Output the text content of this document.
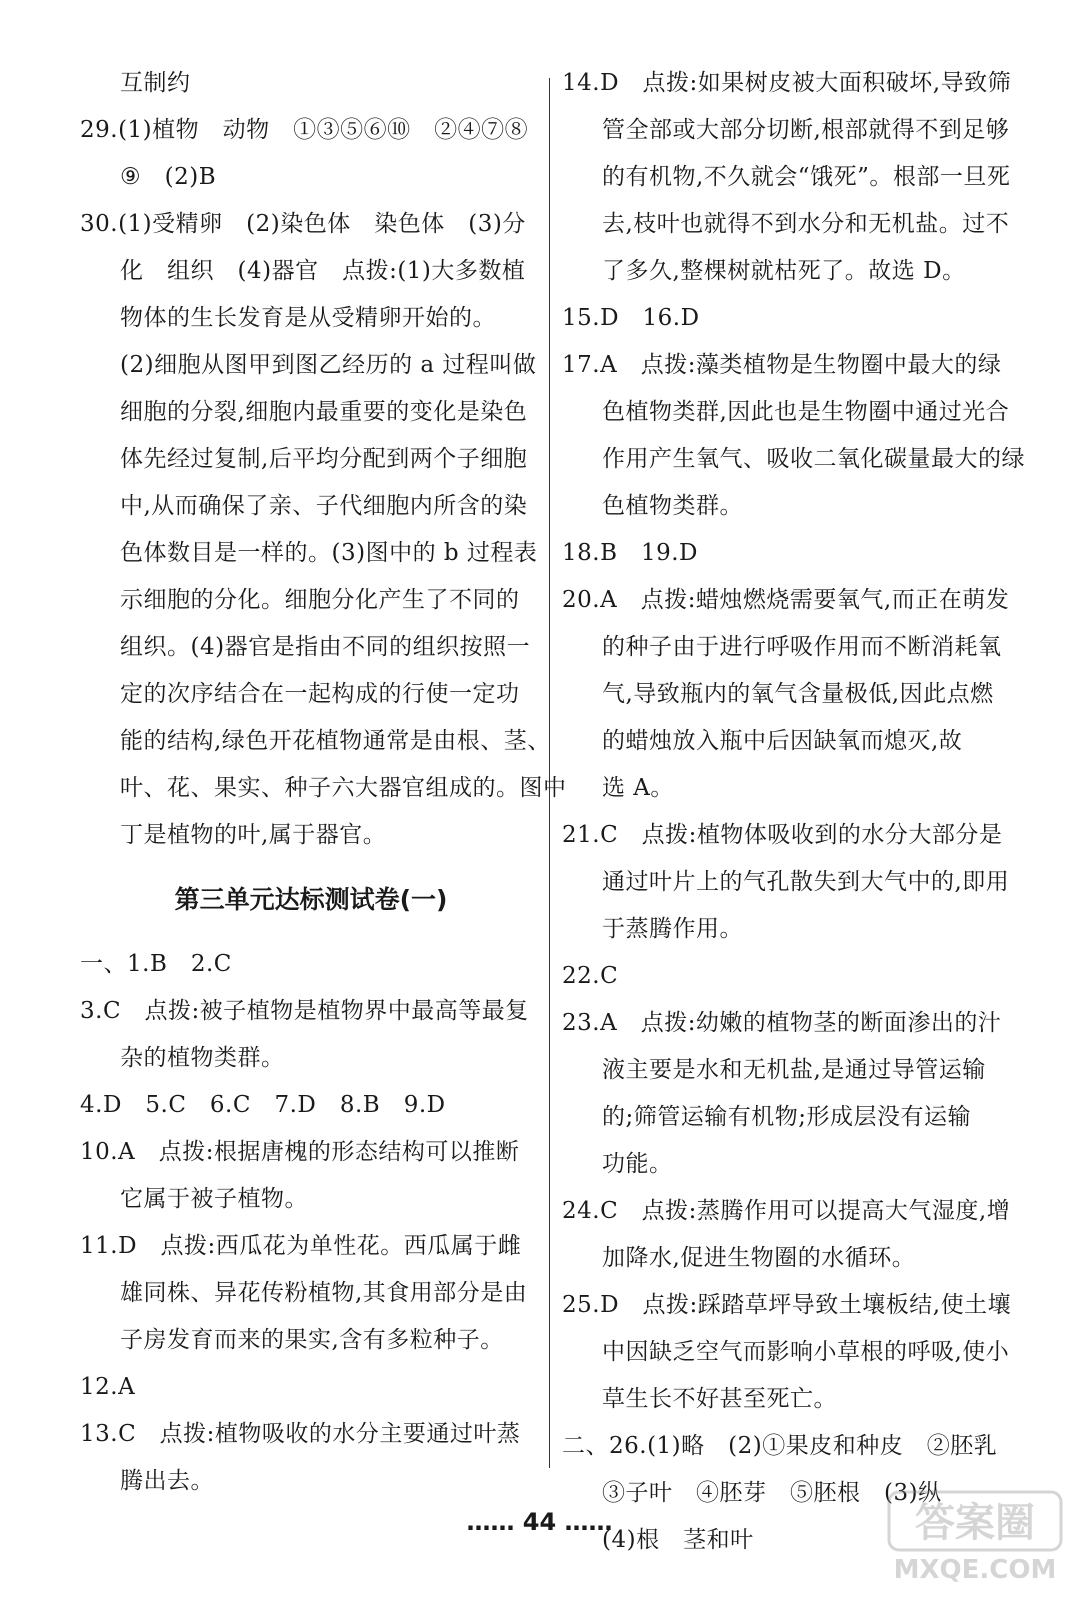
互制约
29.(1)植物　动物　①③⑤⑥⑩　②④⑦⑧
⑨　(2)B
30.(1)受精卵　(2)染色体　染色体　(3)分
化　组织　(4)器官　点拨:(1)大多数植
物体的生长发育是从受精卵开始的。
(2)细胞从图甲到图乙经历的 a 过程叫做
细胞的分裂,细胞内最重要的变化是染色
体先经过复制,后平均分配到两个子细胞
中,从而确保了亲、子代细胞内所含的染
色体数目是一样的。(3)图中的 b 过程表
示细胞的分化。细胞分化产生了不同的
组织。(4)器官是指由不同的组织按照一
定的次序结合在一起构成的行使一定功
能的结构,绿色开花植物通常是由根、茎、
叶、花、果实、种子六大器官组成的。图中
丁是植物的叶,属于器官。
第三单元达标测试卷(一)
一、1.B　2.C
3.C　点拨:被子植物是植物界中最高等最复
杂的植物类群。
4.D　5.C　6.C　7.D　8.B　9.D
10.A　点拨:根据唐槐的形态结构可以推断
它属于被子植物。
11.D　点拨:西瓜花为单性花。西瓜属于雌
雄同株、异花传粉植物,其食用部分是由
子房发育而来的果实,含有多粒种子。
12.A
13.C　点拨:植物吸收的水分主要通过叶蒸
腾出去。
14.D　点拨:如果树皮被大面积破坏,导致筛
管全部或大部分切断,根部就得不到足够
的有机物,不久就会“饿死”。根部一旦死
去,枝叶也就得不到水分和无机盐。过不
了多久,整棵树就枯死了。故选 D。
15.D　16.D
17.A　点拨:藻类植物是生物圈中最大的绿
色植物类群,因此也是生物圈中通过光合
作用产生氧气、吸收二氧化碳量最大的绿
色植物类群。
18.B　19.D
20.A　点拨:蜡烛燃烧需要氧气,而正在萌发
的种子由于进行呼吸作用而不断消耗氧
气,导致瓶内的氧气含量极低,因此点燃
的蜡烛放入瓶中后因缺氧而熄灭,故
选 A。
21.C　点拨:植物体吸收到的水分大部分是
通过叶片上的气孔散失到大气中的,即用
于蒸腾作用。
22.C
23.A　点拨:幼嫩的植物茎的断面渗出的汁
液主要是水和无机盐,是通过导管运输
的;筛管运输有机物;形成层没有运输
功能。
24.C　点拨:蒸腾作用可以提高大气湿度,增
加降水,促进生物圈的水循环。
25.D　点拨:踩踏草坪导致土壤板结,使土壤
中因缺乏空气而影响小草根的呼吸,使小
草生长不好甚至死亡。
二、26.(1)略　(2)①果皮和种皮　②胚乳
③子叶　④胚芽　⑤胚根　(3)纵
(4)根　茎和叶
…… 44 ……	答案圈
MXQE.COM
